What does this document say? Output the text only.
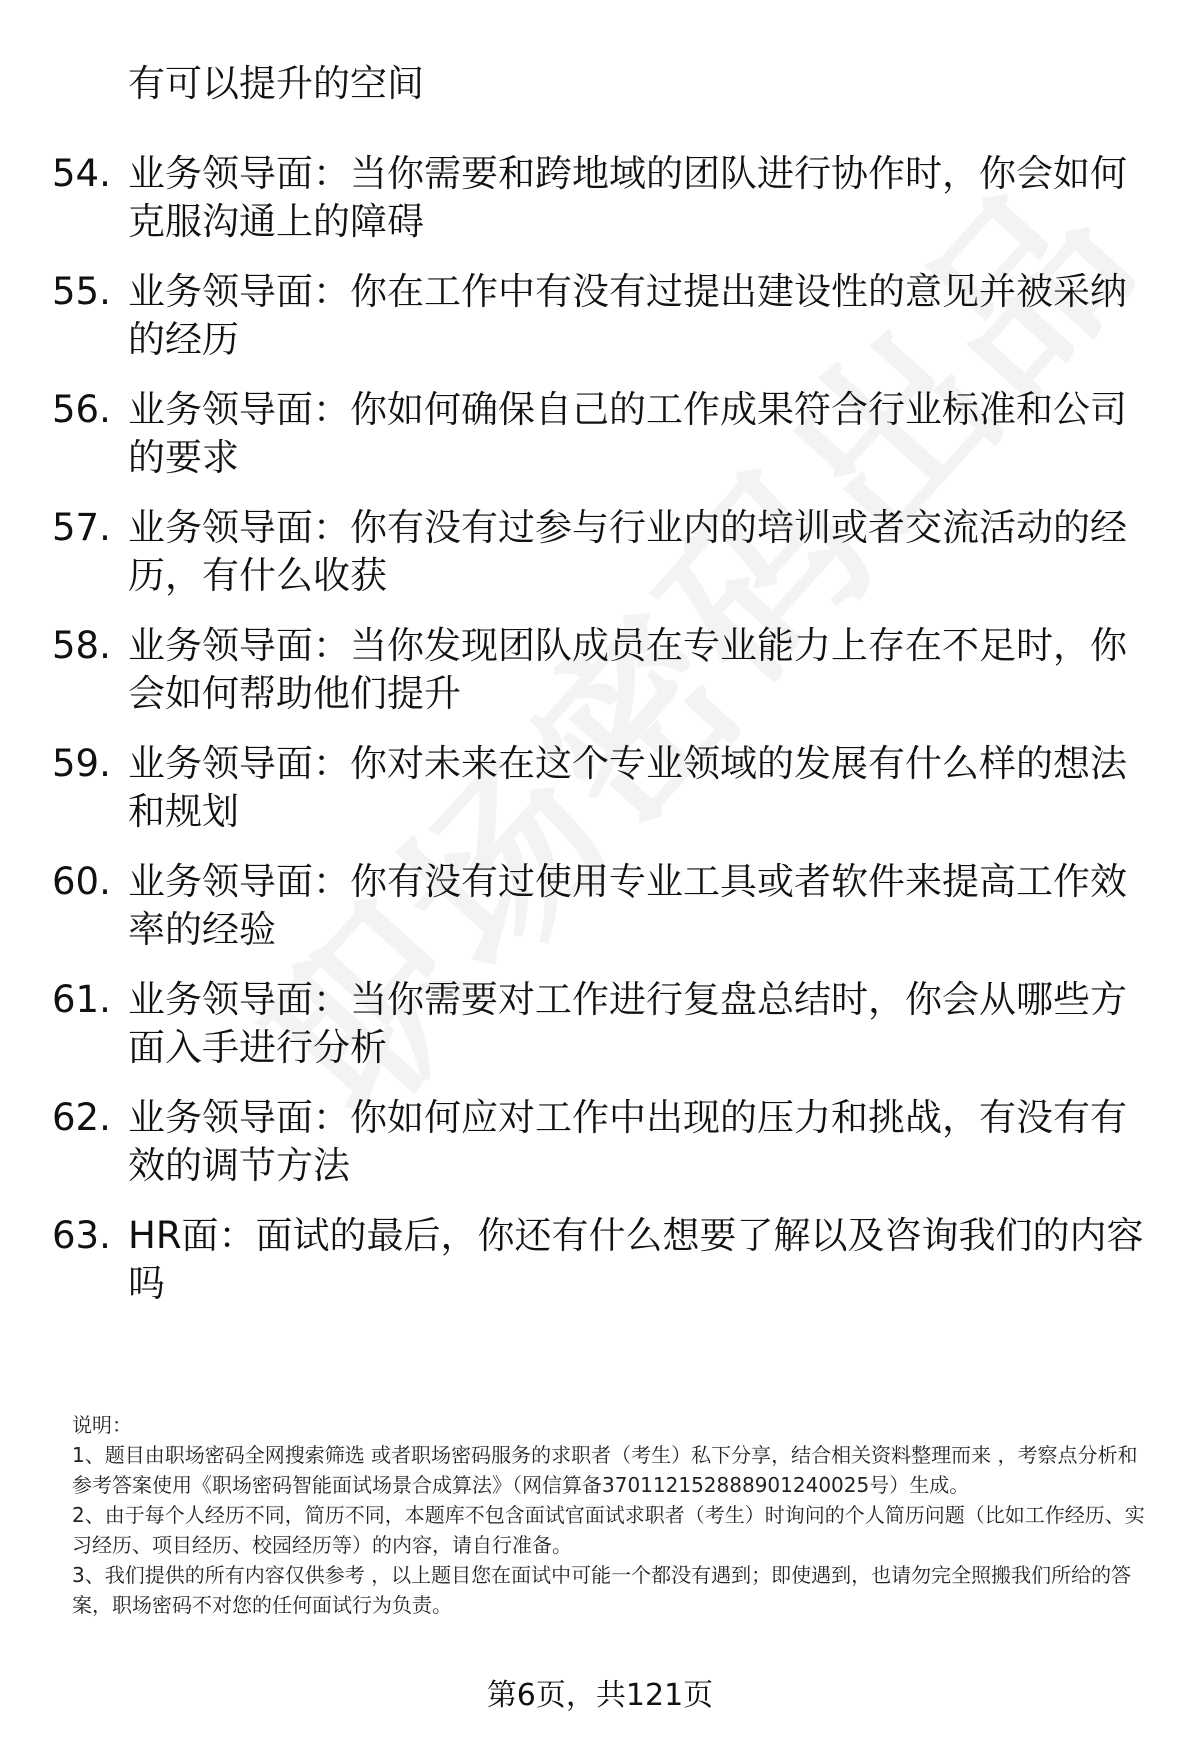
有可以提升的空间
54. 业务领导面：当你需要和跨地域的团队进行协作时，你会如何克服沟通上的障碍
55. 业务领导面：你在工作中有没有过提出建设性的意见并被采纳的经历
56. 业务领导面：你如何确保自己的工作成果符合行业标准和公司的要求
57. 业务领导面：你有没有过参与行业内的培训或者交流活动的经历，有什么收获
58. 业务领导面：当你发现团队成员在专业能力上存在不足时，你会如何帮助他们提升
59. 业务领导面：你对未来在这个专业领域的发展有什么样的想法和规划
60. 业务领导面：你有没有过使用专业工具或者软件来提高工作效率的经验
61. 业务领导面：当你需要对工作进行复盘总结时，你会从哪些方面入手进行分析
62. 业务领导面：你如何应对工作中出现的压力和挑战，有没有有效的调节方法
63. HR面：面试的最后，你还有什么想要了解以及咨询我们的内容吗

说明：

1、题目由职场密码全网搜索筛选 或者职场密码服务的求职者（考生）私下分享，结合相关资料整理而来 ，考察点分析和参考答案使用《职场密码智能面试场景合成算法》（网信算备370112152888901240025号）生成。

2、由于每个人经历不同，简历不同，本题库不包含面试官面试求职者（考生）时询问的个人简历问题（比如工作经历、实习经历、项目经历、校园经历等）的内容，请自行准备。

3、我们提供的所有内容仅供参考 ，以上题目您在面试中可能一个都没有遇到；即使遇到，也请勿完全照搬我们所给的答案，职场密码不对您的任何面试行为负责。

第6页，共121页
